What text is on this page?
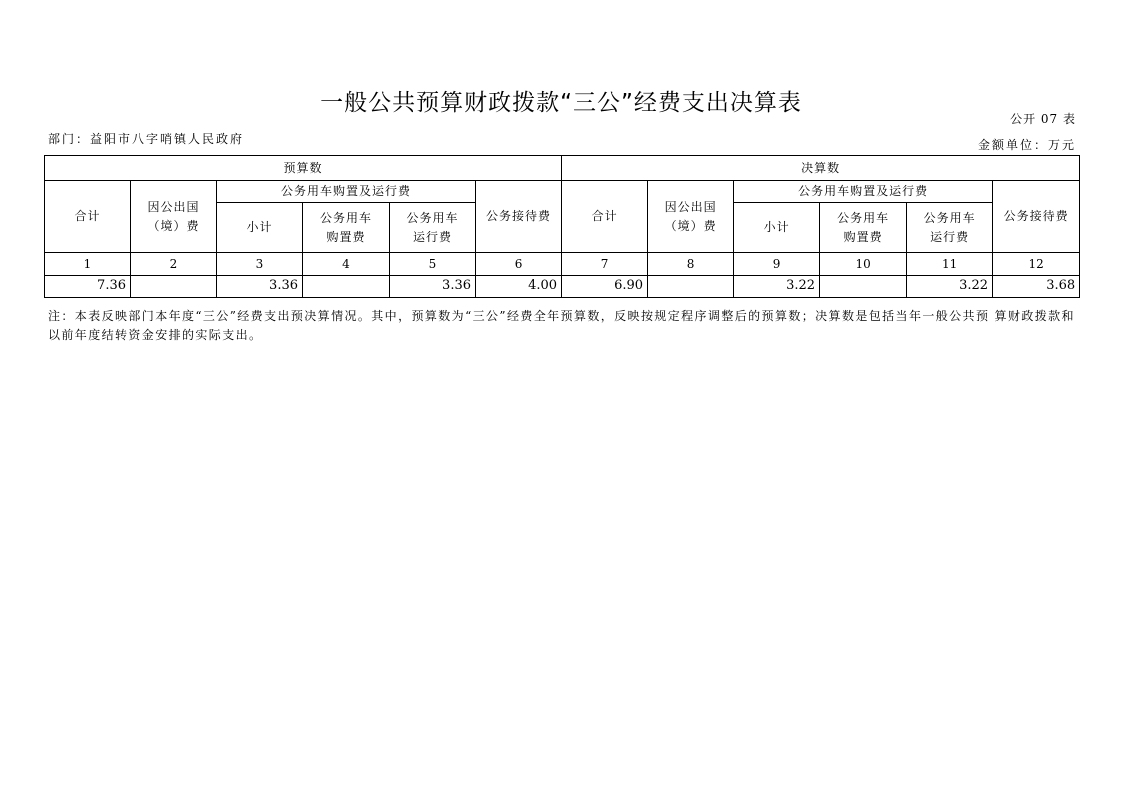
一般公共预算财政拨款“三公”经费支出决算表
公开 07 表
部门：益阳市八字哨镇人民政府	金额单位：万元
预算数						决算数					
合计	因公出国（境）费	公务用车购置及运行费			公务接待费	合计	因公出国（境）费	公务用车购置及运行费			公务接待费
		小计	公务用车购置费	公务用车运行费				小计	公务用车购置费	公务用车运行费	
1	2	3	4	5	6	7	8	9	10	11	12
7.36		3.36		3.36	4.00	6.90		3.22		3.22	3.68
注：本表反映部门本年度“三公”经费支出预决算情况。其中，预算数为“三公”经费全年预算数，反映按规定程序调整后的预算数；决算数是包括当年一般公共预 算财政拨款和以前年度结转资金安排的实际支出。
